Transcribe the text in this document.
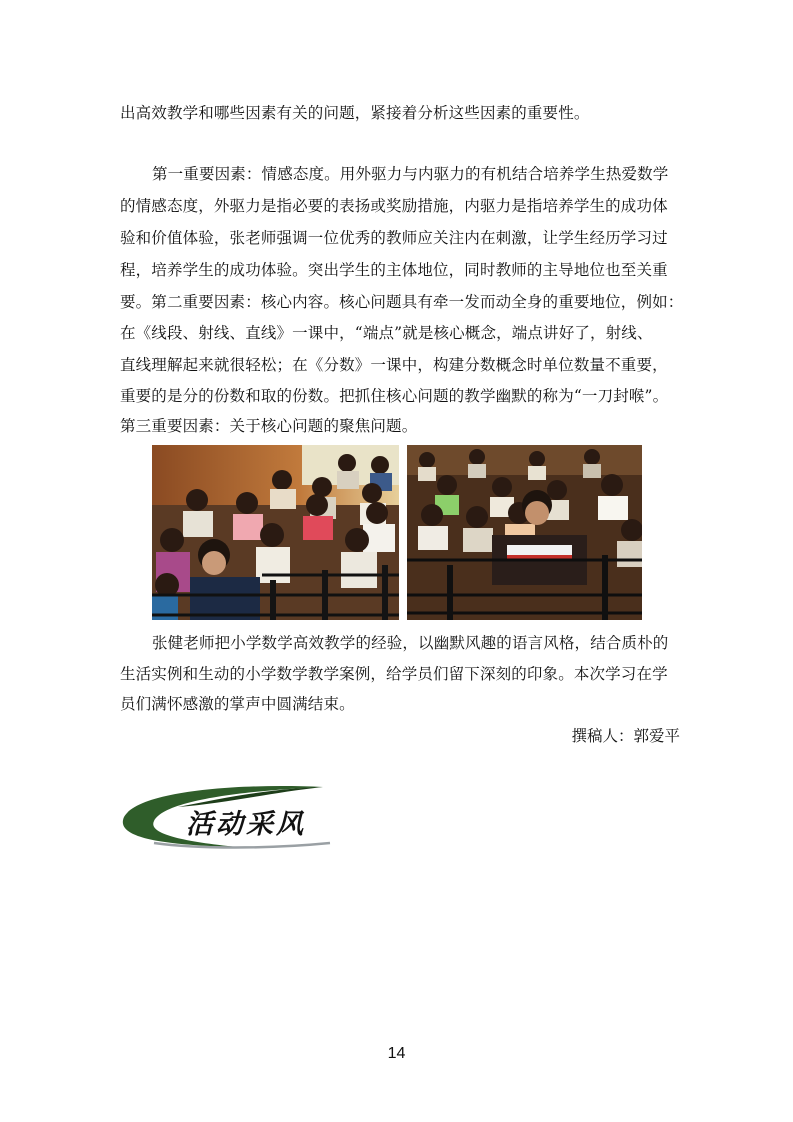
出高效教学和哪些因素有关的问题，紧接着分析这些因素的重要性。
第一重要因素：情感态度。用外驱力与内驱力的有机结合培养学生热爱数学
的情感态度，外驱力是指必要的表扬或奖励措施，内驱力是指培养学生的成功体
验和价值体验，张老师强调一位优秀的教师应关注内在刺激，让学生经历学习过
程，培养学生的成功体验。突出学生的主体地位，同时教师的主导地位也至关重
要。第二重要因素：核心内容。核心问题具有牵一发而动全身的重要地位，例如：
在《线段、射线、直线》一课中，“端点”就是核心概念，端点讲好了，射线、
直线理解起来就很轻松；在《分数》一课中，构建分数概念时单位数量不重要，
重要的是分的份数和取的份数。把抓住核心问题的教学幽默的称为“一刀封喉”。
第三重要因素：关于核心问题的聚焦问题。
张健老师把小学数学高效教学的经验，以幽默风趣的语言风格，结合质朴的
生活实例和生动的小学数学教学案例，给学员们留下深刻的印象。本次学习在学
员们满怀感激的掌声中圆满结束。
撰稿人：郭爱平
活动采风
14
